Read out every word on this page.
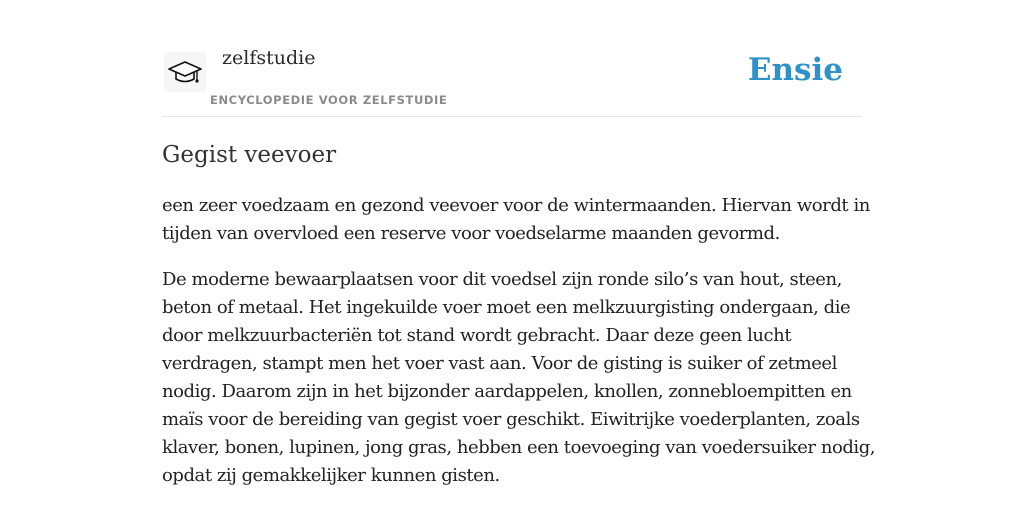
zelfstudie
ENCYCLOPEDIE VOOR ZELFSTUDIE
Ensie
Gegist veevoer

een zeer voedzaam en gezond veevoer voor de wintermaanden. Hiervan wordt in
tijden van overvloed een reserve voor voedselarme maanden gevormd.

De moderne bewaarplaatsen voor dit voedsel zijn ronde silo’s van hout, steen,
beton of metaal. Het ingekuilde voer moet een melkzuurgisting ondergaan, die
door melkzuurbacteriën tot stand wordt gebracht. Daar deze geen lucht
verdragen, stampt men het voer vast aan. Voor de gisting is suiker of zetmeel
nodig. Daarom zijn in het bijzonder aardappelen, knollen, zonnebloempitten en
maïs voor de bereiding van gegist voer geschikt. Eiwitrijke voederplanten, zoals
klaver, bonen, lupinen, jong gras, hebben een toevoeging van voedersuiker nodig,
opdat zij gemakkelijker kunnen gisten.
